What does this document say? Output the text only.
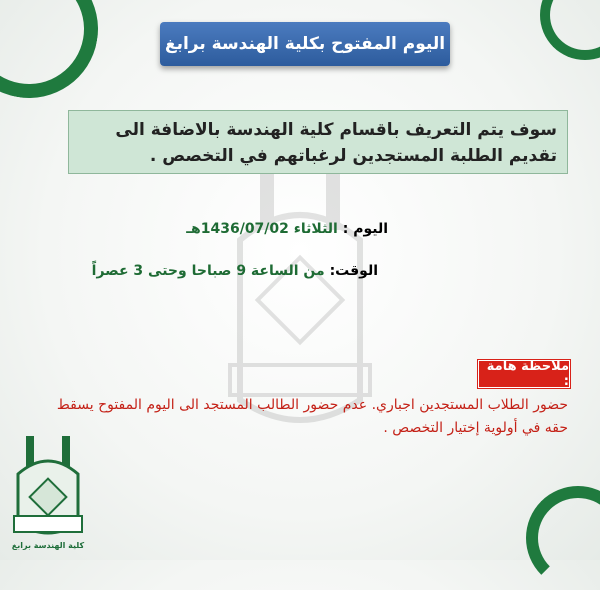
اليوم المفتوح بكلية الهندسة برابغ
سوف يتم التعريف باقسام كلية الهندسة بالاضافة الى تقديم الطلبة المستجدين لرغباتهم في التخصص .
اليوم : الثلاثاء 1436/07/02هـ
الوقت: من الساعة 9 صباحا وحتى 3 عصراً
ملاحظة هامة :
حضور الطلاب المستجدين اجباري. عدم حضور الطالب المستجد الى اليوم المفتوح يسقط حقه في أولوية إختيار التخصص .
كلية الهندسة برابغ
